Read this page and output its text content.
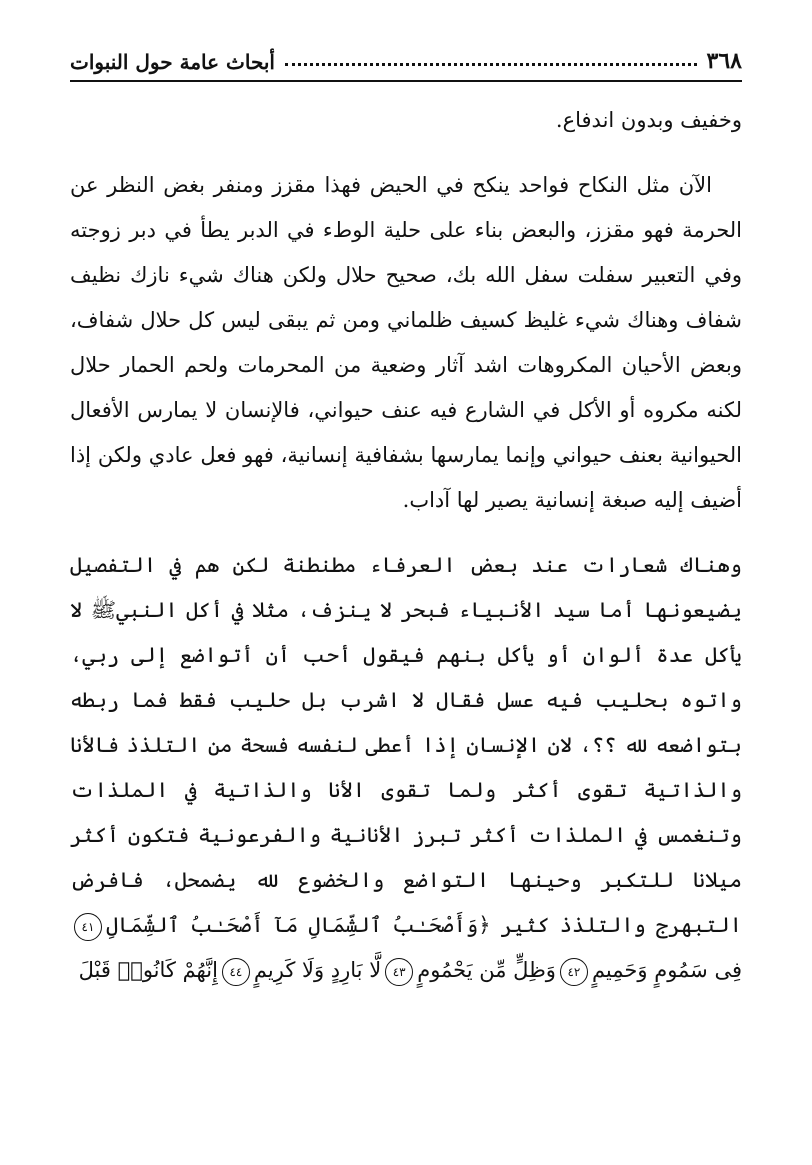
٣٦٨
أبحاث عامة حول النبوات

وخفيف وبدون اندفاع.

الآن مثل النكاح فواحد ينكح في الحيض فهذا مقزز ومنفر بغض النظر عن الحرمة فهو مقزز، والبعض بناء على حلية الوطء في الدبر يطأ في دبر زوجته وفي التعبير سفلت سفل الله بك، صحيح حلال ولكن هناك شيء نازك نظيف شفاف وهناك شيء غليظ كسيف ظلماني ومن ثم يبقى ليس كل حلال شفاف، وبعض الأحيان المكروهات اشد آثار وضعية من المحرمات ولحم الحمار حلال لكنه مكروه أو الأكل في الشارع فيه عنف حيواني، فالإنسان لا يمارس الأفعال الحيوانية بعنف حيواني وإنما يمارسها بشفافية إنسانية، فهو فعل عادي ولكن إذا أضيف إليه صبغة إنسانية يصير لها آداب.

وهناك شعارات عند بعض العرفاء مطنطنة لكن هم في التفصيل يضيعونها أما سيد الأنبياء فبحر لا ينزف، مثلا في أكل النبيﷺ لا يأكل عدة ألوان أو يأكل بنهم فيقول أحب أن أتواضع إلى ربي، واتوه بحليب فيه عسل فقال لا اشرب بل حليب فقط فما ربطه بتواضعه لله ؟؟، لان الإنسان إذا أعطى لنفسه فسحة من التلذذ فالأنا والذاتية تقوى أكثر ولما تقوى الأنا والذاتية في الملذات وتنغمس في الملذات أكثر تبرز الأنانية والفرعونية فتكون أكثر ميلانا للتكبر وحينها التواضع والخضوع لله يضمحل، فافرض التبهرج والتلذذ كثير ﴿وَأَصْحَـٰبُ ٱلشِّمَالِ مَآ أَصْحَـٰبُ ٱلشِّمَالِ٤١فِى سَمُومٍ وَحَمِيمٍ٤٢وَظِلٍّ مِّن يَحْمُومٍ٤٣لَّا بَارِدٍ وَلَا كَرِيمٍ٤٤إِنَّهُمْ كَانُوا۟ قَبْلَ
